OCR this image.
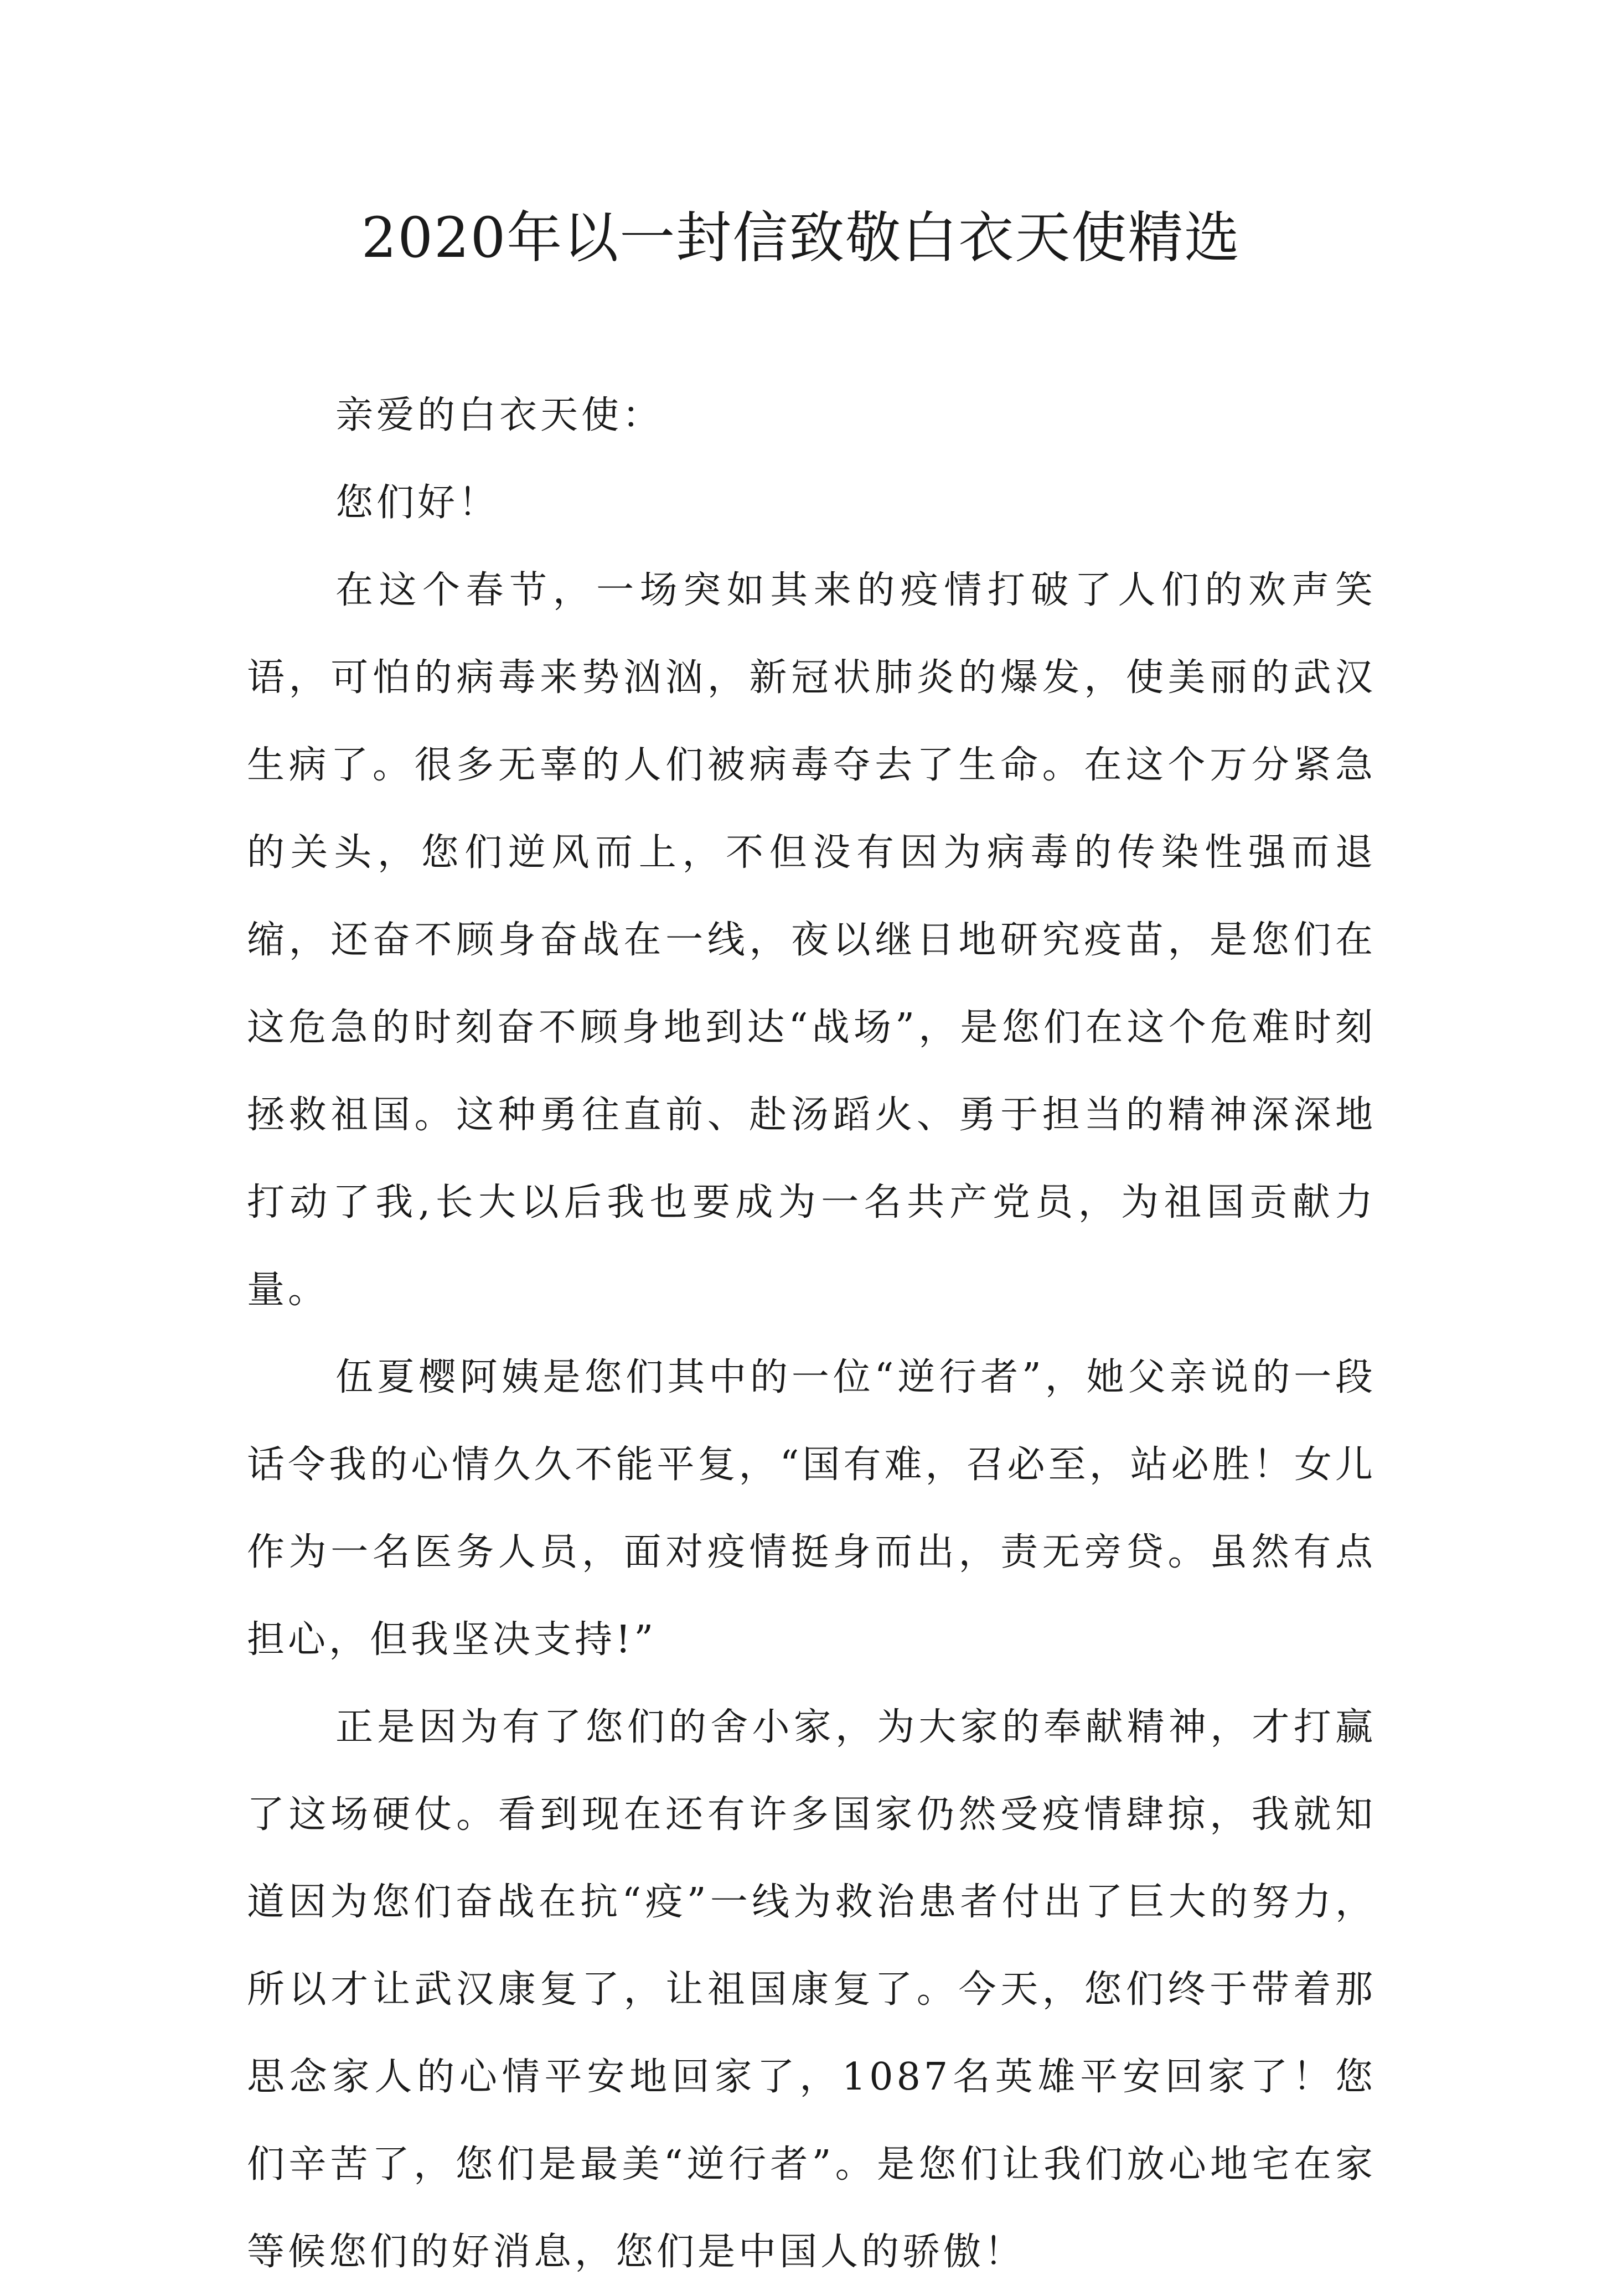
2020年以一封信致敬白衣天使精选

亲爱的白衣天使：

您们好！

在这个春节，一场突如其来的疫情打破了人们的欢声笑语，可怕的病毒来势汹汹，新冠状肺炎的爆发，使美丽的武汉生病了。很多无辜的人们被病毒夺去了生命。在这个万分紧急的关头，您们逆风而上，不但没有因为病毒的传染性强而退缩，还奋不顾身奋战在一线，夜以继日地研究疫苗，是您们在这危急的时刻奋不顾身地到达“战场”，是您们在这个危难时刻拯救祖国。这种勇往直前、赴汤蹈火、勇于担当的精神深深地打动了我,长大以后我也要成为一名共产党员，为祖国贡献力量。

伍夏樱阿姨是您们其中的一位“逆行者”，她父亲说的一段话令我的心情久久不能平复，“国有难，召必至，站必胜！女儿作为一名医务人员，面对疫情挺身而出，责无旁贷。虽然有点担心，但我坚决支持!”

正是因为有了您们的舍小家，为大家的奉献精神，才打赢了这场硬仗。看到现在还有许多国家仍然受疫情肆掠，我就知道因为您们奋战在抗“疫”一线为救治患者付出了巨大的努力，所以才让武汉康复了，让祖国康复了。今天，您们终于带着那思念家人的心情平安地回家了，1087名英雄平安回家了！您们辛苦了，您们是最美“逆行者”。是您们让我们放心地宅在家等候您们的好消息，您们是中国人的骄傲！
